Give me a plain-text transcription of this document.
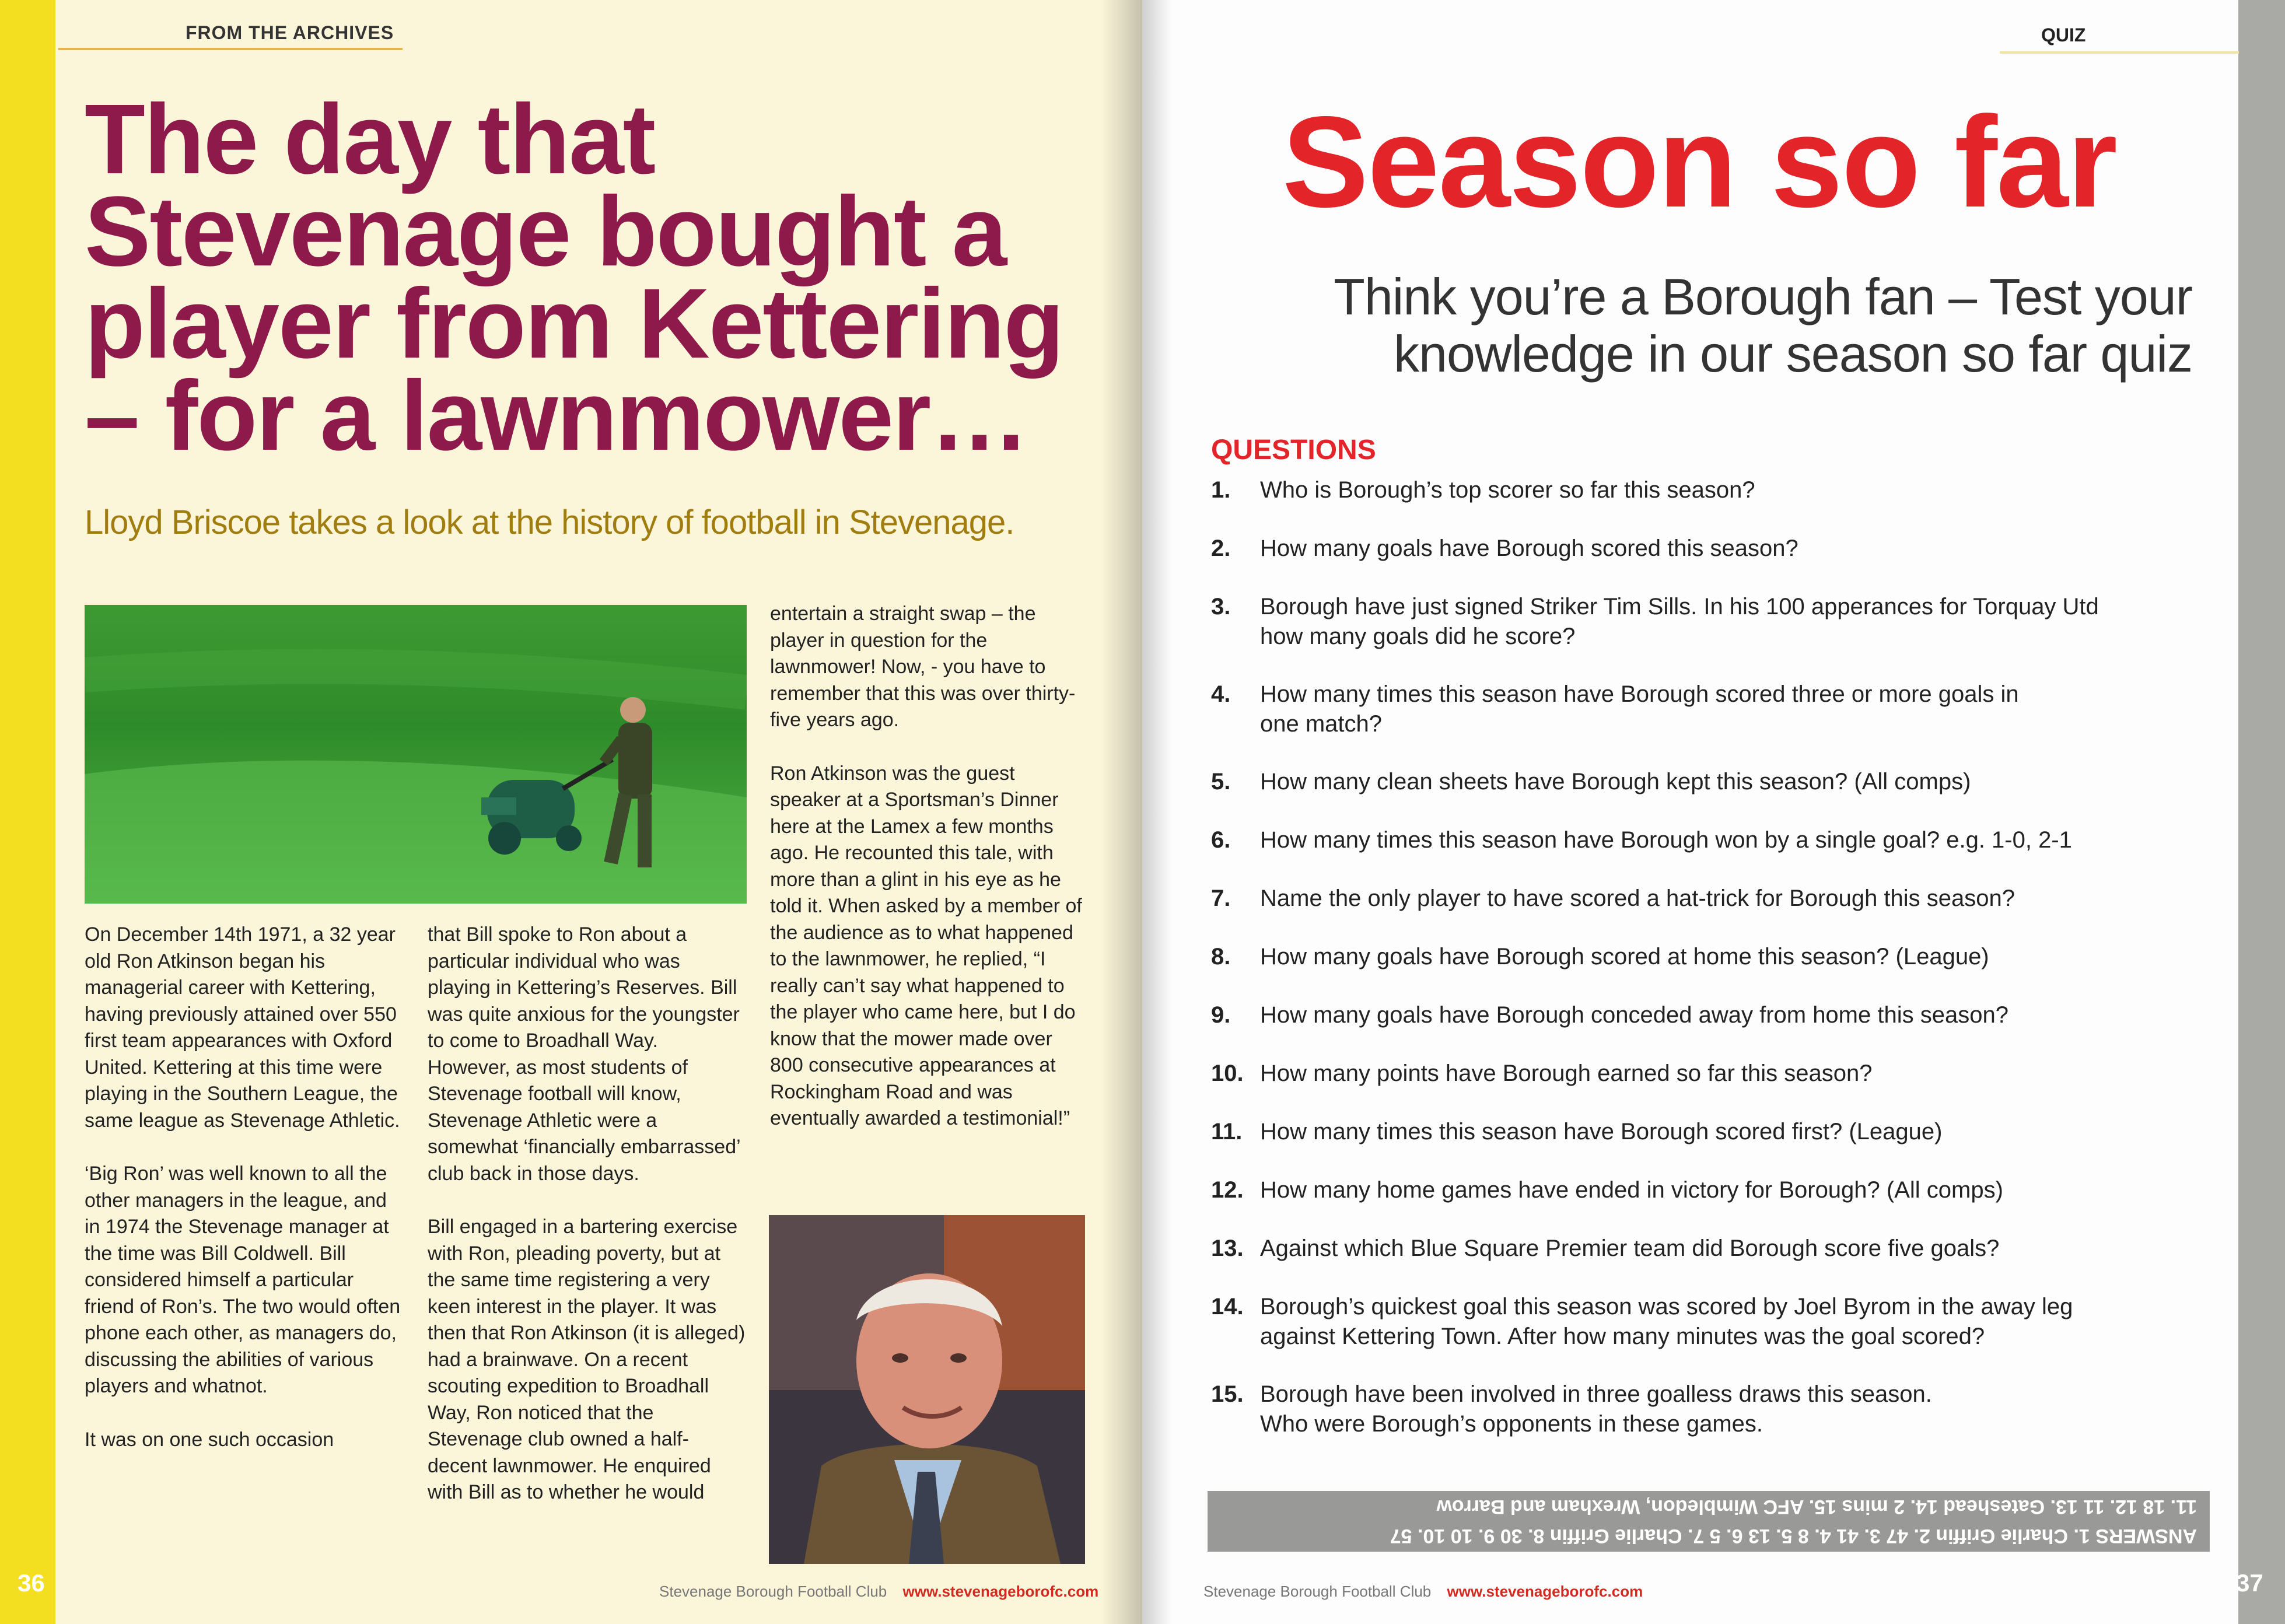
FROM THE ARCHIVES
The day that Stevenage bought a player from Kettering – for a lawnmower…
Lloyd Briscoe takes a look at the history of football in Stevenage.

On December 14th 1971, a 32 year old Ron Atkinson began his managerial career with Kettering, having previously attained over 550 first team appearances with Oxford United. Kettering at this time were playing in the Southern League, the same league as Stevenage Athletic.

‘Big Ron’ was well known to all the other managers in the league, and in 1974 the Stevenage manager at the time was Bill Coldwell. Bill considered himself a particular friend of Ron’s. The two would often phone each other, as managers do, discussing the abilities of various players and whatnot.

It was on one such occasion

that Bill spoke to Ron about a particular individual who was playing in Kettering’s Reserves. Bill was quite anxious for the youngster to come to Broadhall Way. However, as most students of Stevenage football will know, Stevenage Athletic were a somewhat ‘financially embarrassed’ club back in those days.

Bill engaged in a bartering exercise with Ron, pleading poverty, but at the same time registering a very keen interest in the player. It was then that Ron Atkinson (it is alleged) had a brainwave. On a recent scouting expedition to Broadhall Way, Ron noticed that the Stevenage club owned a half-decent lawnmower. He enquired with Bill as to whether he would

entertain a straight swap – the player in question for the lawnmower! Now, - you have to remember that this was over thirty-five years ago.

Ron Atkinson was the guest speaker at a Sportsman’s Dinner here at the Lamex a few months ago. He recounted this tale, with more than a glint in his eye as he told it. When asked by a member of the audience as to what happened to the lawnmower, he replied, “I really can’t say what happened to the player who came here, but I do know that the mower made over 800 consecutive appearances at Rockingham Road and was eventually awarded a testimonial!”

Stevenage Borough Football Club www.stevenageborofc.com
36
QUIZ
Season so far
Think you’re a Borough fan – Test your
knowledge in our season so far quiz
QUESTIONS
1.	Who is Borough’s top scorer so far this season?
2.	How many goals have Borough scored this season?
3.	Borough have just signed Striker Tim Sills. In his 100 apperances for Torquay Utd
how many goals did he score?
4.	How many times this season have Borough scored three or more goals in
one match?
5.	How many clean sheets have Borough kept this season? (All comps)
6.	How many times this season have Borough won by a single goal? e.g. 1-0, 2-1
7.	Name the only player to have scored a hat-trick for Borough this season?
8.	How many goals have Borough scored at home this season? (League)
9.	How many goals have Borough conceded away from home this season?
10. How many points have Borough earned so far this season?
11. How many times this season have Borough scored first? (League)
12. How many home games have ended in victory for Borough? (All comps)
13. Against which Blue Square Premier team did Borough score five goals?
14. Borough’s quickest goal this season was scored by Joel Byrom in the away leg
against Kettering Town. After how many minutes was the goal scored?
15. Borough have been involved in three goalless draws this season.
Who were Borough’s opponents in these games.
ANSWERS 1. Charlie Griffin 2. 47 3. 41 4. 8 5. 13 6. 5 7. Charlie Griffin 8. 30 9. 10 10. 57
11. 18 12. 11 13. Gateshead 14. 2 mins 15. AFC Wimbledon, Wrexham and Barrow
Stevenage Borough Football Club www.stevenageborofc.com	37
